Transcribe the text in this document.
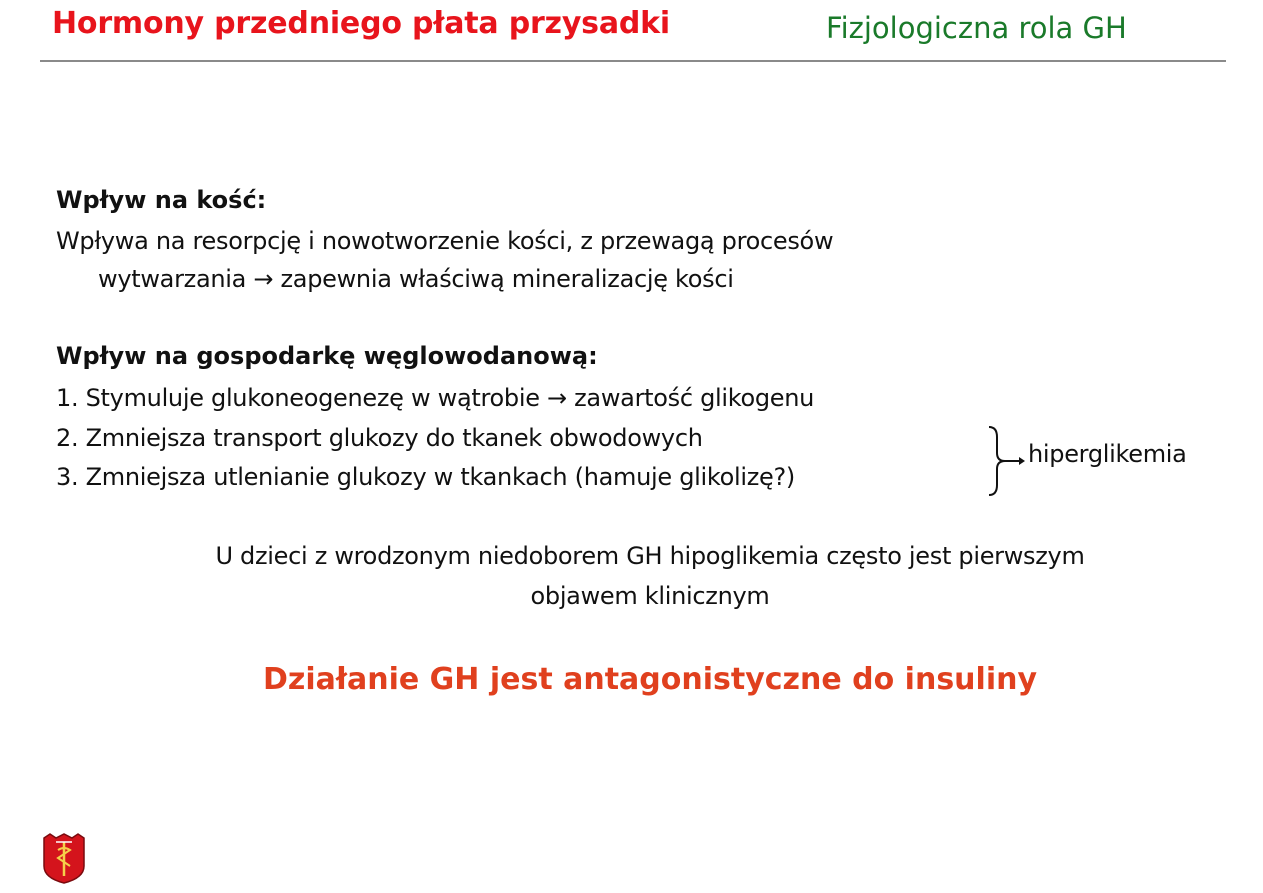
Hormony przedniego płata przysadki	Fizjologiczna rola GH
Wpływ na kość:
Wpływa na resorpcję i nowotworzenie kości, z przewagą procesów
wytwarzania → zapewnia właściwą mineralizację kości
Wpływ na gospodarkę węglowodanową:
1. Stymuluje glukoneogenezę w wątrobie → zawartość glikogenu
2. Zmniejsza transport glukozy do tkanek obwodowych
3. Zmniejsza utlenianie glukozy w tkankach (hamuje glikolizę?)
hiperglikemia
U dzieci z wrodzonym niedoborem GH hipoglikemia często jest pierwszym
objawem klinicznym
Działanie GH jest antagonistyczne do insuliny
